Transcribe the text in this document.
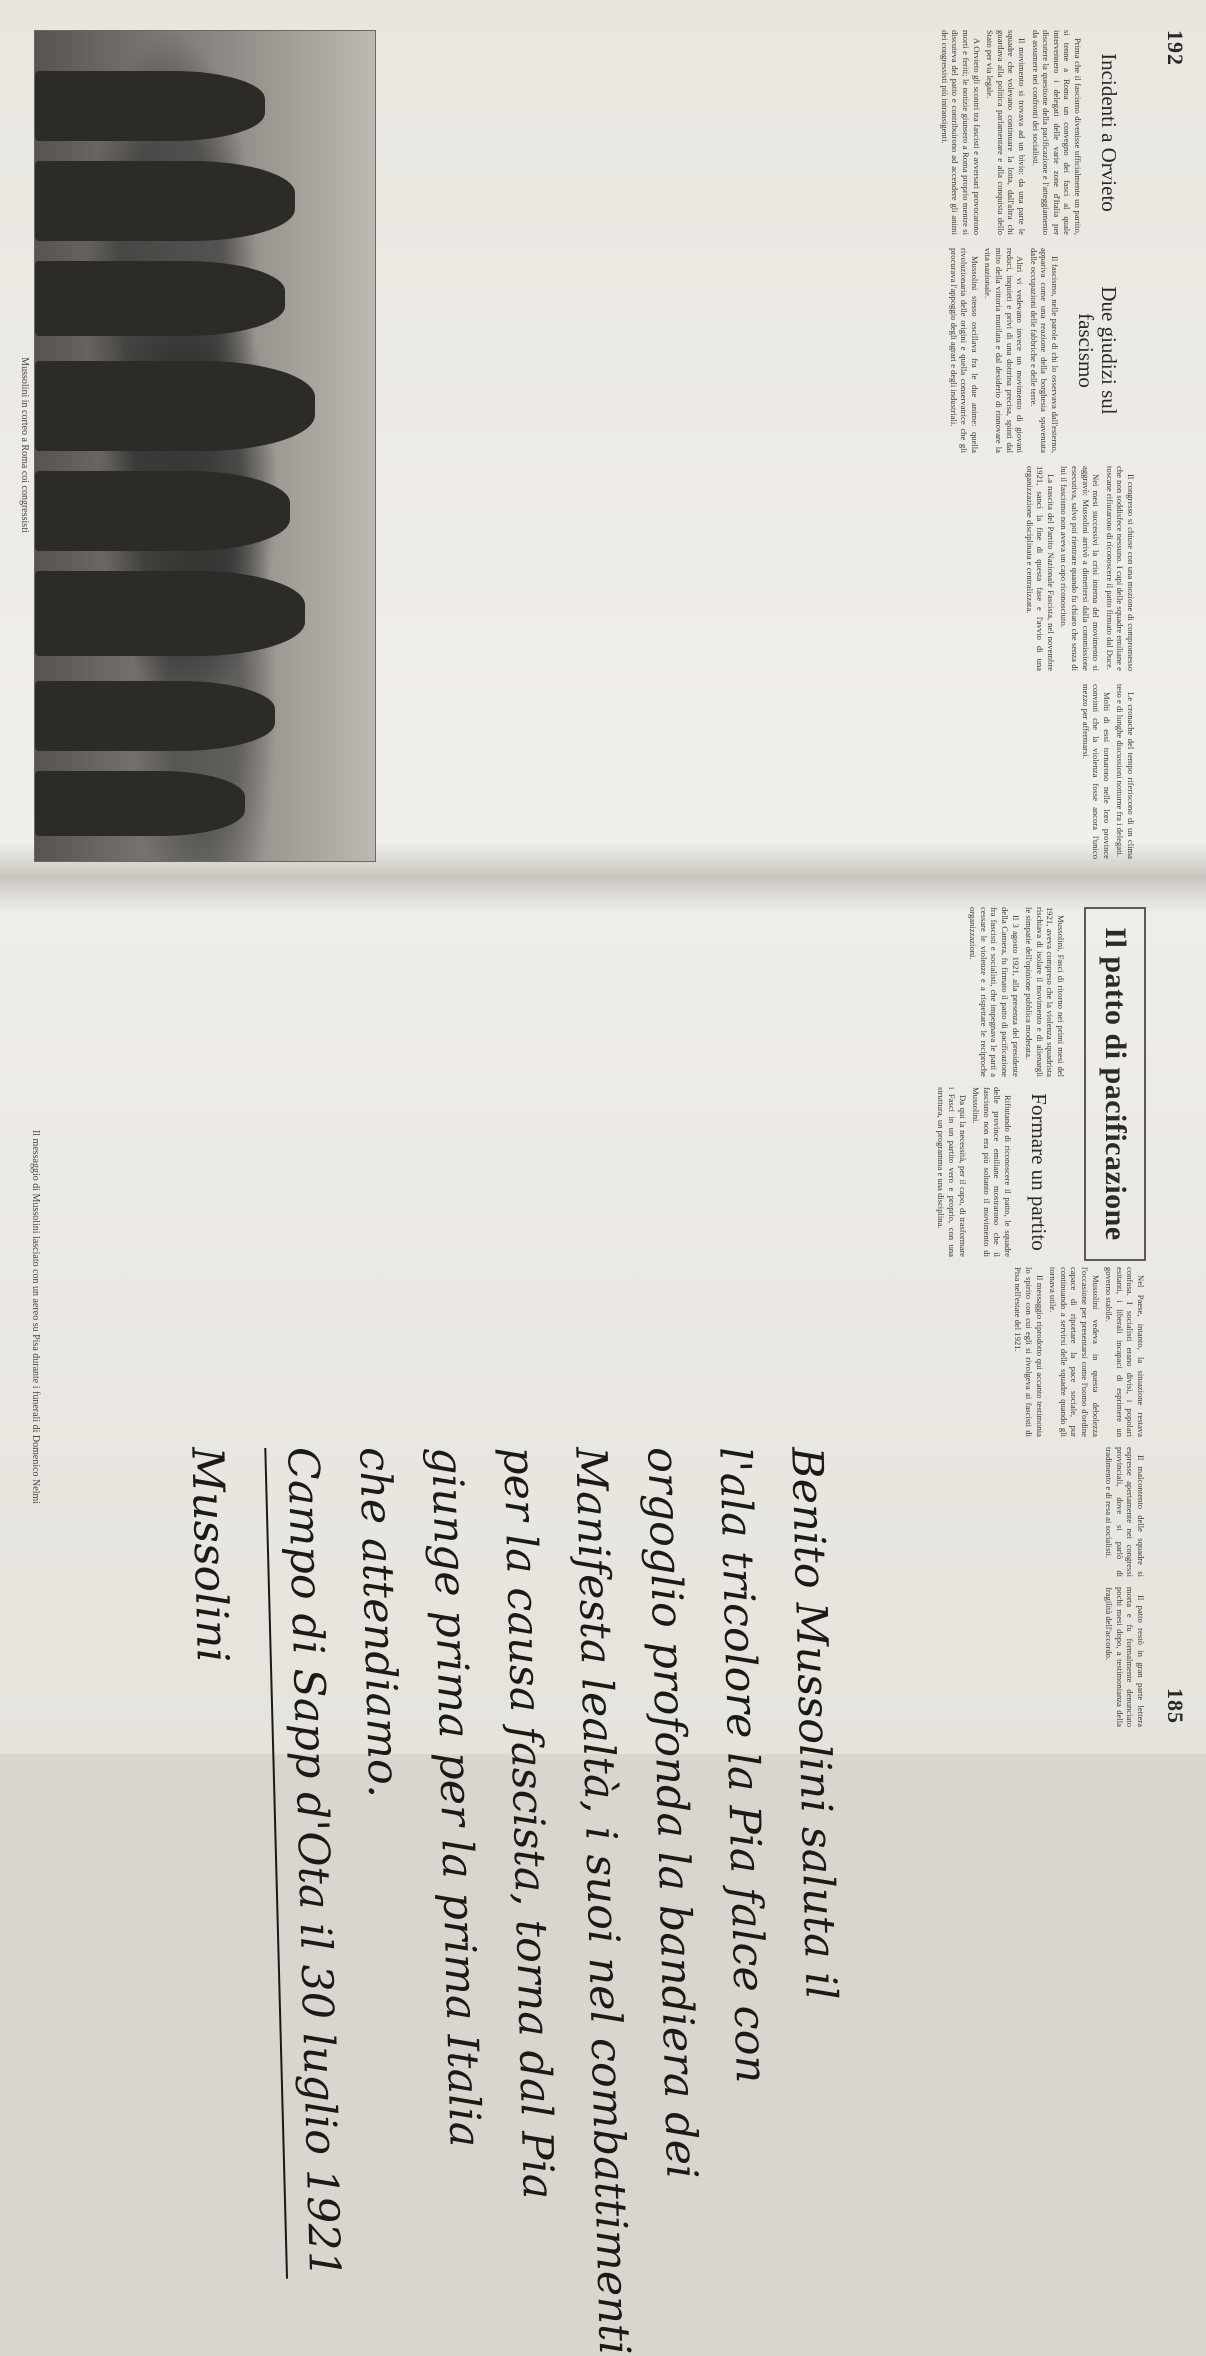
192
Incidenti a Orvieto

Prima che il fascismo divenisse ufficialmente un partito, si tenne a Roma un convegno dei fasci al quale intervennero i delegati delle varie zone d'Italia per discutere la questione della pacificazione e l'atteggiamento da assumere nei confronti dei socialisti.

Il movimento si trovava ad un bivio: da una parte le squadre che volevano continuare la lotta, dall'altra chi guardava alla politica parlamentare e alla conquista dello Stato per via legale.

A Orvieto gli scontri tra fascisti e avversari provocarono morti e feriti; le notizie giunsero a Roma proprio mentre si discuteva del patto e contribuirono ad accendere gli animi dei congressisti più intransigenti.

Due giudizi sul fascismo

Il fascismo, nelle parole di chi lo osservava dall'esterno, appariva come una reazione della borghesia spaventata dalle occupazioni delle fabbriche e delle terre.

Altri vi vedevano invece un movimento di giovani reduci, inquieti e privi di una dottrina precisa, spinti dal mito della vittoria mutilata e dal desiderio di rinnovare la vita nazionale.

Mussolini stesso oscillava fra le due anime: quella rivoluzionaria delle origini e quella conservatrice che gli procurava l'appoggio degli agrari e degli industriali.

Il congresso si chiuse con una mozione di compromesso che non soddisfece nessuno. I capi delle squadre emiliane e toscane rifiutarono di riconoscere il patto firmato dal Duce.

Nei mesi successivi la crisi interna del movimento si aggravò: Mussolini arrivò a dimettersi dalla commissione esecutiva, salvo poi rientrare quando fu chiaro che senza di lui il fascismo non aveva un capo riconosciuto.

La nascita del Partito Nazionale Fascista, nel novembre 1921, sancì la fine di questa fase e l'avvio di una organizzazione disciplinata e centralizzata.

Le cronache del tempo riferiscono di un clima teso e di lunghe discussioni notturne fra i delegati.

Molti di essi tornarono nelle loro province convinti che la violenza fosse ancora l'unico mezzo per affermarsi.

Mussolini in corteo a Roma coi congressisti
185
Il patto di pacificazione

Mussolini, Fasci di ritorno nei primi mesi del 1921, aveva compreso che la violenza squadrista rischiava di isolare il movimento e di alienargli le simpatie dell'opinione pubblica moderata.

Il 3 agosto 1921, alla presenza del presidente della Camera, fu firmato il patto di pacificazione fra fascisti e socialisti, che impegnava le parti a cessare le violenze e a rispettare le reciproche organizzazioni.

Formare un partito

Rifiutando di riconoscere il patto, le squadre delle province emiliane mostrarono che il fascismo non era più soltanto il movimento di Mussolini.

Da qui la necessità, per il capo, di trasformare i Fasci in un partito vero e proprio, con una struttura, un programma e una disciplina.

Nel Paese, intanto, la situazione restava confusa. I socialisti erano divisi, i popolari esitanti, i liberali incapaci di esprimere un governo stabile.

Mussolini vedeva in questa debolezza l'occasione per presentarsi come l'uomo d'ordine capace di riportare la pace sociale, pur continuando a servirsi delle squadre quando gli tornava utile.

Il messaggio riprodotto qui accanto testimonia lo spirito con cui egli si rivolgeva ai fascisti di Pisa nell'estate del 1921.

Il malcontento delle squadre si espresse apertamente nei congressi provinciali, dove si parlò di tradimento e di resa ai socialisti.

Il patto restò in gran parte lettera morta e fu formalmente denunciato pochi mesi dopo, a testimonianza della fragilità dell'accordo.

Benito Mussolini saluta il

l'ala tricolore la Pia falce con

orgoglio profonda la bandiera dei

Manifesta lealtà, i suoi nel combattimenti

per la causa fascista, torna dal Pia

giunge prima per la prima Italia

che attendiamo.

Campo di Sapp d'Ota il 30 luglio 1921

Mussolini
Il messaggio di Mussolini lasciato con un aereo su Pisa durante i funerali di Domenico Nelmi
